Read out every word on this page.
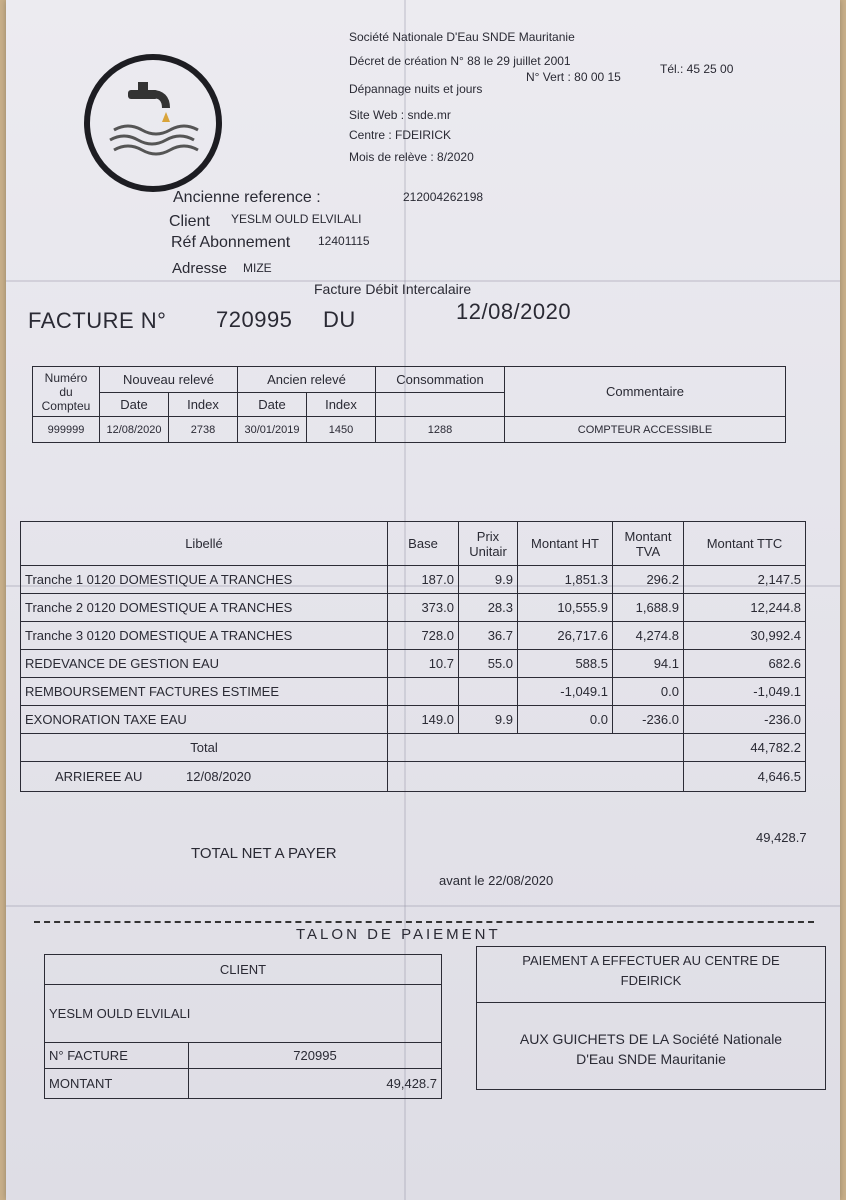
Société Nationale D'Eau SNDE Mauritanie
Décret de création N° 88 le 29 juillet 2001
Dépannage nuits et jours
N° Vert : 80 00 15
Tél.: 45 25 00
Site Web : snde.mr
Centre : FDEIRICK
Mois de relève : 8/2020
Ancienne reference :	212004262198
Client YESLM OULD ELVILALI
Réf Abonnement 12401115
Adresse MIZE
Facture Débit Intercalaire
FACTURE N° 720995 DU	12/08/2020
Numéro du Compteu	Nouveau relevé		Ancien relevé		Consommation	Commentaire
	Date	Index	Date	Index		
999999	12/08/2020	2738	30/01/2019	1450	1288	COMPTEUR ACCESSIBLE
Libellé	Base	Prix Unitair	Montant HT	Montant TVA	Montant TTC
Tranche 1 0120 DOMESTIQUE A TRANCHES	187.0	9.9	1,851.3	296.2	2,147.5
Tranche 2 0120 DOMESTIQUE A TRANCHES	373.0	28.3	10,555.9	1,688.9	12,244.8
Tranche 3 0120 DOMESTIQUE A TRANCHES	728.0	36.7	26,717.6	4,274.8	30,992.4
REDEVANCE DE GESTION EAU	10.7	55.0	588.5	94.1	682.6
REMBOURSEMENT FACTURES ESTIMEE			-1,049.1	0.0	-1,049.1
EXONORATION TAXE EAU	149.0	9.9	0.0	-236.0	-236.0
Total					44,782.2
ARRIEREE AU 12/08/2020					4,646.5
TOTAL NET A PAYER
49,428.7
avant le 22/08/2020
TALON DE PAIEMENT
CLIENT	
YESLM OULD ELVILALI	
N° FACTURE	720995
MONTANT	49,428.7
PAIEMENT A EFFECTUER AU CENTRE DE
FDEIRICK
AUX GUICHETS DE LA Société Nationale
D'Eau SNDE Mauritanie
